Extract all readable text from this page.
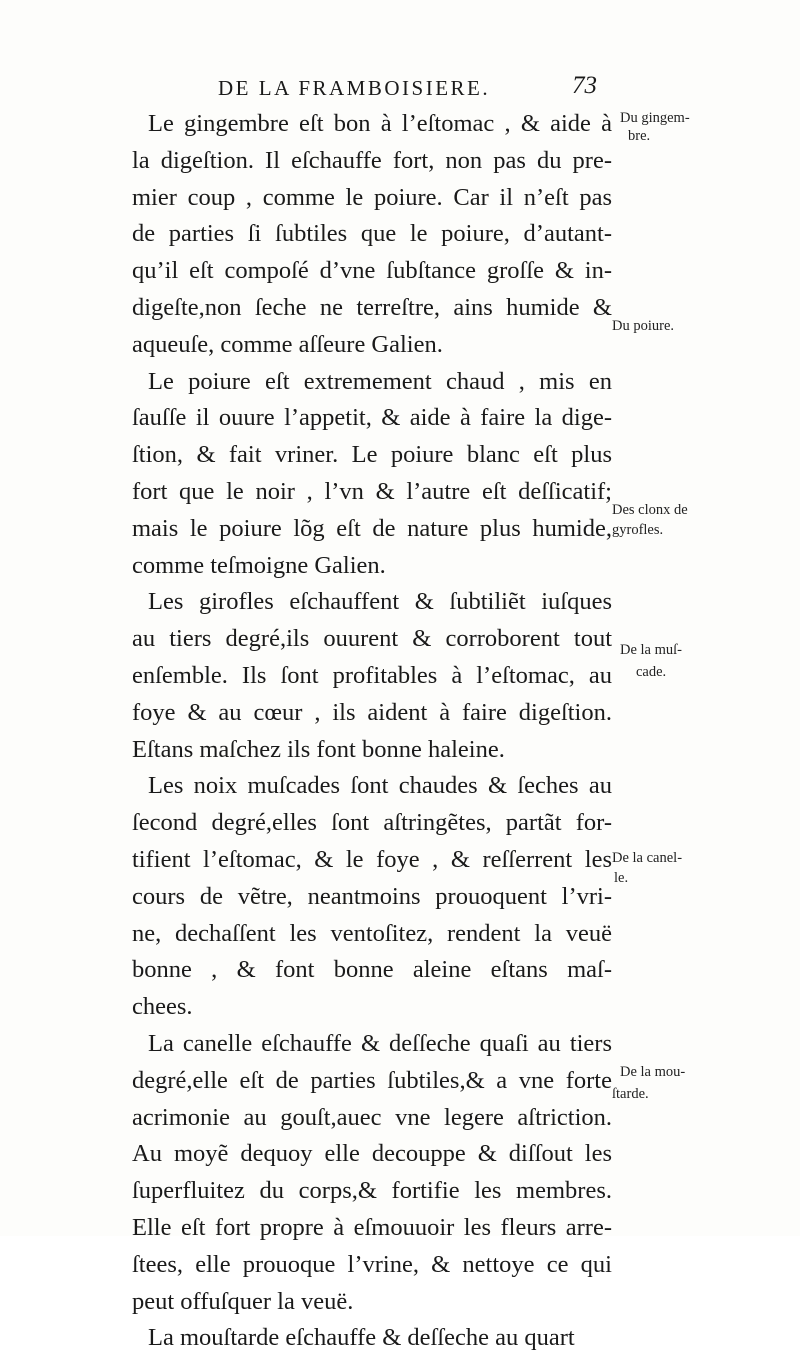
DE LA FRAMBOISIERE.	73
Le gingembre eſt bon à l’eſtomac , & aide à
la digeſtion. Il eſchauffe fort, non pas du pre-
mier coup , comme le poiure. Car il n’eſt pas
de parties ſi ſubtiles que le poiure, d’autant-
qu’il eſt compoſé d’vne ſubſtance groſſe & in-
digeſte,non ſeche ne terreſtre, ains humide &
aqueuſe, comme aſſeure Galien.
Le poiure eſt extremement chaud , mis en
ſauſſe il ouure l’appetit, & aide à faire la dige-
ſtion, & fait vriner. Le poiure blanc eſt plus
fort que le noir , l’vn & l’autre eſt deſſicatif;
mais le poiure lõg eſt de nature plus humide,
comme teſmoigne Galien.
Les girofles eſchauffent & ſubtiliẽt iuſques
au tiers degré,ils ouurent & corroborent tout
enſemble. Ils ſont profitables à l’eſtomac, au
foye & au cœur , ils aident à faire digeſtion.
Eſtans maſchez ils font bonne haleine.
Les noix muſcades ſont chaudes & ſeches au
ſecond degré,elles ſont aſtringẽtes, partãt for-
tifient l’eſtomac, & le foye , & reſſerrent les
cours de vẽtre, neantmoins prouoquent l’vri-
ne, dechaſſent les ventoſitez, rendent la veuë
bonne , & font bonne aleine eſtans maſ-
chees.
La canelle eſchauffe & deſſeche quaſi au tiers
degré,elle eſt de parties ſubtiles,& a vne forte
acrimonie au gouſt,auec vne legere aſtriction.
Au moyẽ dequoy elle decouppe & diſſout les
ſuperfluitez du corps,& fortifie les membres.
Elle eſt fort propre à eſmouuoir les fleurs arre-
ſtees, elle prouoque l’vrine, & nettoye ce qui
peut offuſquer la veuë.
La mouſtarde eſchauffe & deſſeche au quart
Du gingem-
bre.
Du poiure.
Des clonx de
gyrofles.
De la muſ-
cade.
De la canel-
le.
De la mou-
ſtarde.
